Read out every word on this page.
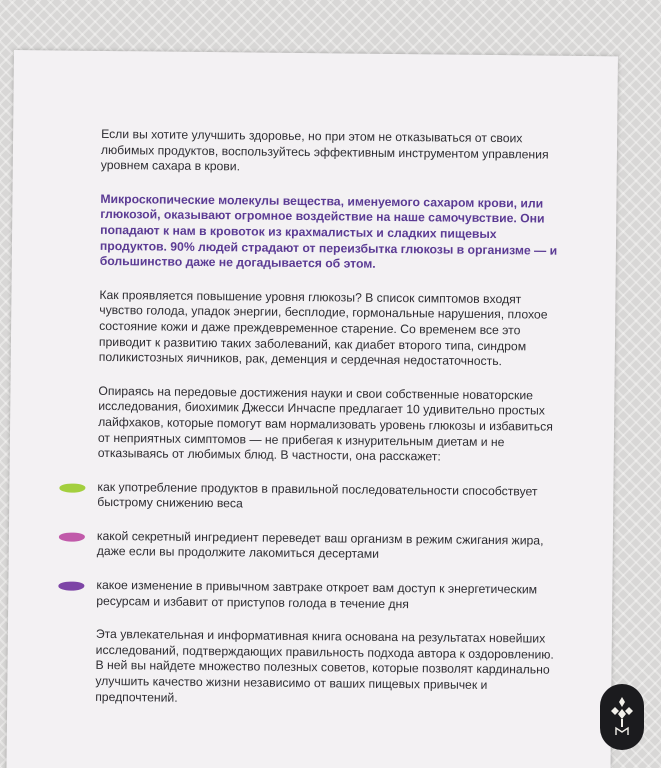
Если вы хотите улучшить здоровье, но при этом не отказываться от своих любимых продуктов, воспользуйтесь эффективным инструментом управления уровнем сахара в крови.

Микроскопические молекулы вещества, именуемого сахаром крови, или глюкозой, оказывают огромное воздействие на наше самочувствие. Они попадают к нам в кровоток из крахмалистых и сладких пищевых продуктов. 90% людей страдают от переизбытка глюкозы в организме — и большинство даже не догадывается об этом.

Как проявляется повышение уровня глюкозы? В список симптомов входят чувство голода, упадок энергии, бесплодие, гормональные нарушения, плохое состояние кожи и даже преждевременное старение. Со временем все это приводит к развитию таких заболеваний, как диабет второго типа, синдром поликистозных яичников, рак, деменция и сердечная недостаточность.

Опираясь на передовые достижения науки и свои собственные новаторские исследования, биохимик Джесси Инчаспе предлагает 10 удивительно простых лайфхаков, которые помогут вам нормализовать уровень глюкозы и избавиться от неприятных симптомов — не прибегая к изнурительным диетам и не отказываясь от любимых блюд. В частности, она расскажет:

как употребление продуктов в правильной последовательности способствует быстрому снижению веса
какой секретный ингредиент переведет ваш организм в режим сжигания жира, даже если вы продолжите лакомиться десертами
какое изменение в привычном завтраке откроет вам доступ к энергетическим ресурсам и избавит от приступов голода в течение дня

Эта увлекательная и информативная книга основана на результатах новейших исследований, подтверждающих правильность подхода автора к оздоровлению. В ней вы найдете множество полезных советов, которые позволят кардинально улучшить качество жизни независимо от ваших пищевых привычек и предпочтений.
